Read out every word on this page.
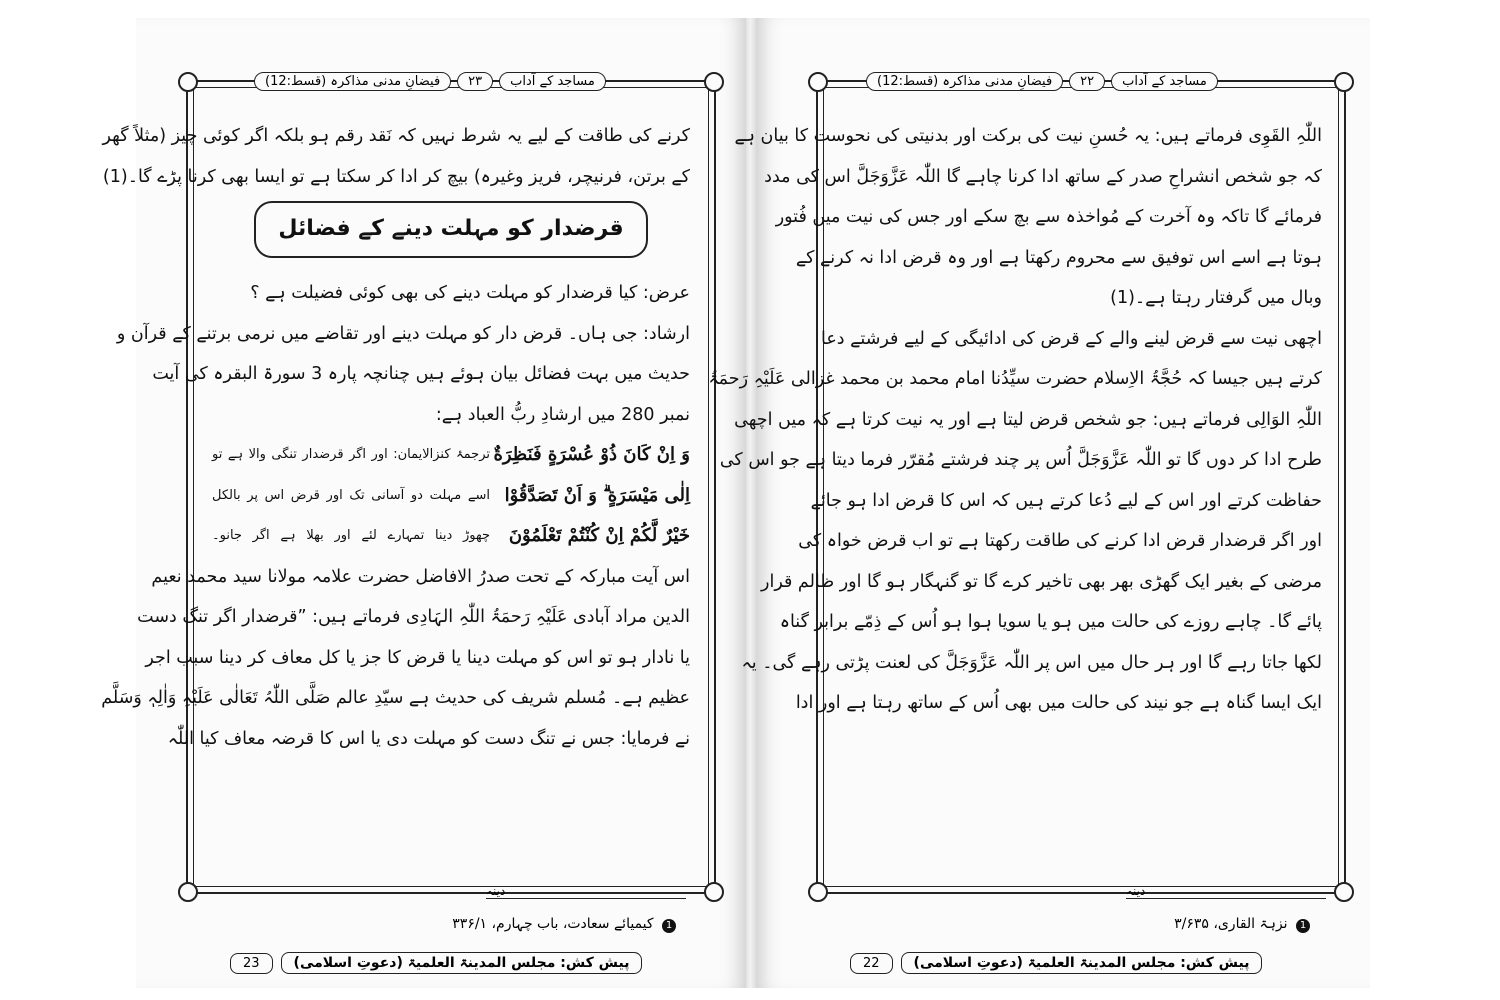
مساجد کے آداب
۲۳
فیضانِ مدنی مذاکرہ (قسط:12)
کرنے کی طاقت کے لیے یہ شرط نہیں کہ نَقد رقم ہو بلکہ اگر کوئی چیز (مثلاً گھر
کے برتن، فرنیچر، فریز وغیرہ) بیچ کر ادا کر سکتا ہے تو ایسا بھی کرنا پڑے گا۔(1)
قرضدار کو مہلت دینے کے فضائل
عرض: کیا قرضدار کو مہلت دینے کی بھی کوئی فضیلت ہے ؟
ارشاد: جی ہاں۔ قرض دار کو مہلت دینے اور تقاضے میں نرمی برتنے کے قرآن و
حدیث میں بہت فضائل بیان ہوئے ہیں چنانچہ پارہ 3 سورۃ البقرہ کی آیت
نمبر 280 میں ارشادِ ربُّ العباد ہے:
وَ اِنْ كَانَ ذُوْ عُسْرَةٍ فَنَظِرَةٌ
ترجمۂ کنزالایمان: اور اگر قرضدار تنگی والا ہے تو
اِلٰى مَيْسَرَةٍ ۗ وَ اَنْ تَصَدَّقُوْا
اسے مہلت دو آسانی تک اور قرض اس پر بالکل
خَيْرٌ لَّكُمْ اِنْ كُنْتُمْ تَعْلَمُوْنَ
چھوڑ دینا تمہارے لئے اور بھلا ہے اگر جانو۔
اس آیت مبارکہ کے تحت صدرُ الافاضل حضرت علامہ مولانا سید محمد نعیم
الدین مراد آبادی عَلَیْہِ رَحمَۃُ اللّٰہِ الہَادِی فرماتے ہیں: ”قرضدار اگر تنگ دست
یا نادار ہو تو اس کو مہلت دینا یا قرض کا جز یا کل معاف کر دینا سبب اجر
عظیم ہے۔ مُسلم شریف کی حدیث ہے سیّدِ عالم صَلَّی اللّٰہُ تَعَالٰی عَلَیْہِ وَاٰلِہٖ وَسَلَّم
نے فرمایا: جس نے تنگ دست کو مہلت دی یا اس کا قرضہ معاف کیا اللّٰہ
دینہ
1 کیمیائے سعادت، باب چہارم، ۳۳۶/۱
23	پیش کش: مجلس المدینۃ العلمیۃ (دعوتِ اسلامی)
مساجد کے آداب
۲۲
فیضانِ مدنی مذاکرہ (قسط:12)
اللّٰہِ القَوِی فرماتے ہیں: یہ حُسنِ نیت کی برکت اور بدنیتی کی نحوست کا بیان ہے
کہ جو شخص انشراحِ صدر کے ساتھ ادا کرنا چاہے گا اللّٰہ عَزَّوَجَلَّ اس کی مدد
فرمائے گا تاکہ وہ آخرت کے مُواخذہ سے بچ سکے اور جس کی نیت میں فُتور
ہوتا ہے اسے اس توفیق سے محروم رکھتا ہے اور وہ قرض ادا نہ کرنے کے
وبال میں گرفتار رہتا ہے۔(1)
اچھی نیت سے قرض لینے والے کے قرض کی ادائیگی کے لیے فرشتے دعا
کرتے ہیں جیسا کہ حُجَّۃُ الاِسلام حضرت سیِّدُنا امام محمد بن محمد غزالی عَلَیْہِ رَحمَۃُ
اللّٰہِ الوَالِی فرماتے ہیں: جو شخص قرض لیتا ہے اور یہ نیت کرتا ہے کہ میں اچھی
طرح ادا کر دوں گا تو اللّٰہ عَزَّوَجَلَّ اُس پر چند فرشتے مُقرّر فرما دیتا ہے جو اس کی
حفاظت کرتے اور اس کے لیے دُعا کرتے ہیں کہ اس کا قرض ادا ہو جائے
اور اگر قرضدار قرض ادا کرنے کی طاقت رکھتا ہے تو اب قرض خواہ کی
مرضی کے بغیر ایک گھڑی بھر بھی تاخیر کرے گا تو گنہگار ہو گا اور ظالم قرار
پائے گا۔ چاہے روزے کی حالت میں ہو یا سویا ہوا ہو اُس کے ذِمّے برابر گناہ
لکھا جاتا رہے گا اور ہر حال میں اس پر اللّٰہ عَزَّوَجَلَّ کی لعنت پڑتی رہے گی۔ یہ
ایک ایسا گناہ ہے جو نیند کی حالت میں بھی اُس کے ساتھ رہتا ہے اور ادا
دینہ
1 نزہۃ القاری، ۳/۶۳۵
22	پیش کش: مجلس المدینۃ العلمیۃ (دعوتِ اسلامی)
